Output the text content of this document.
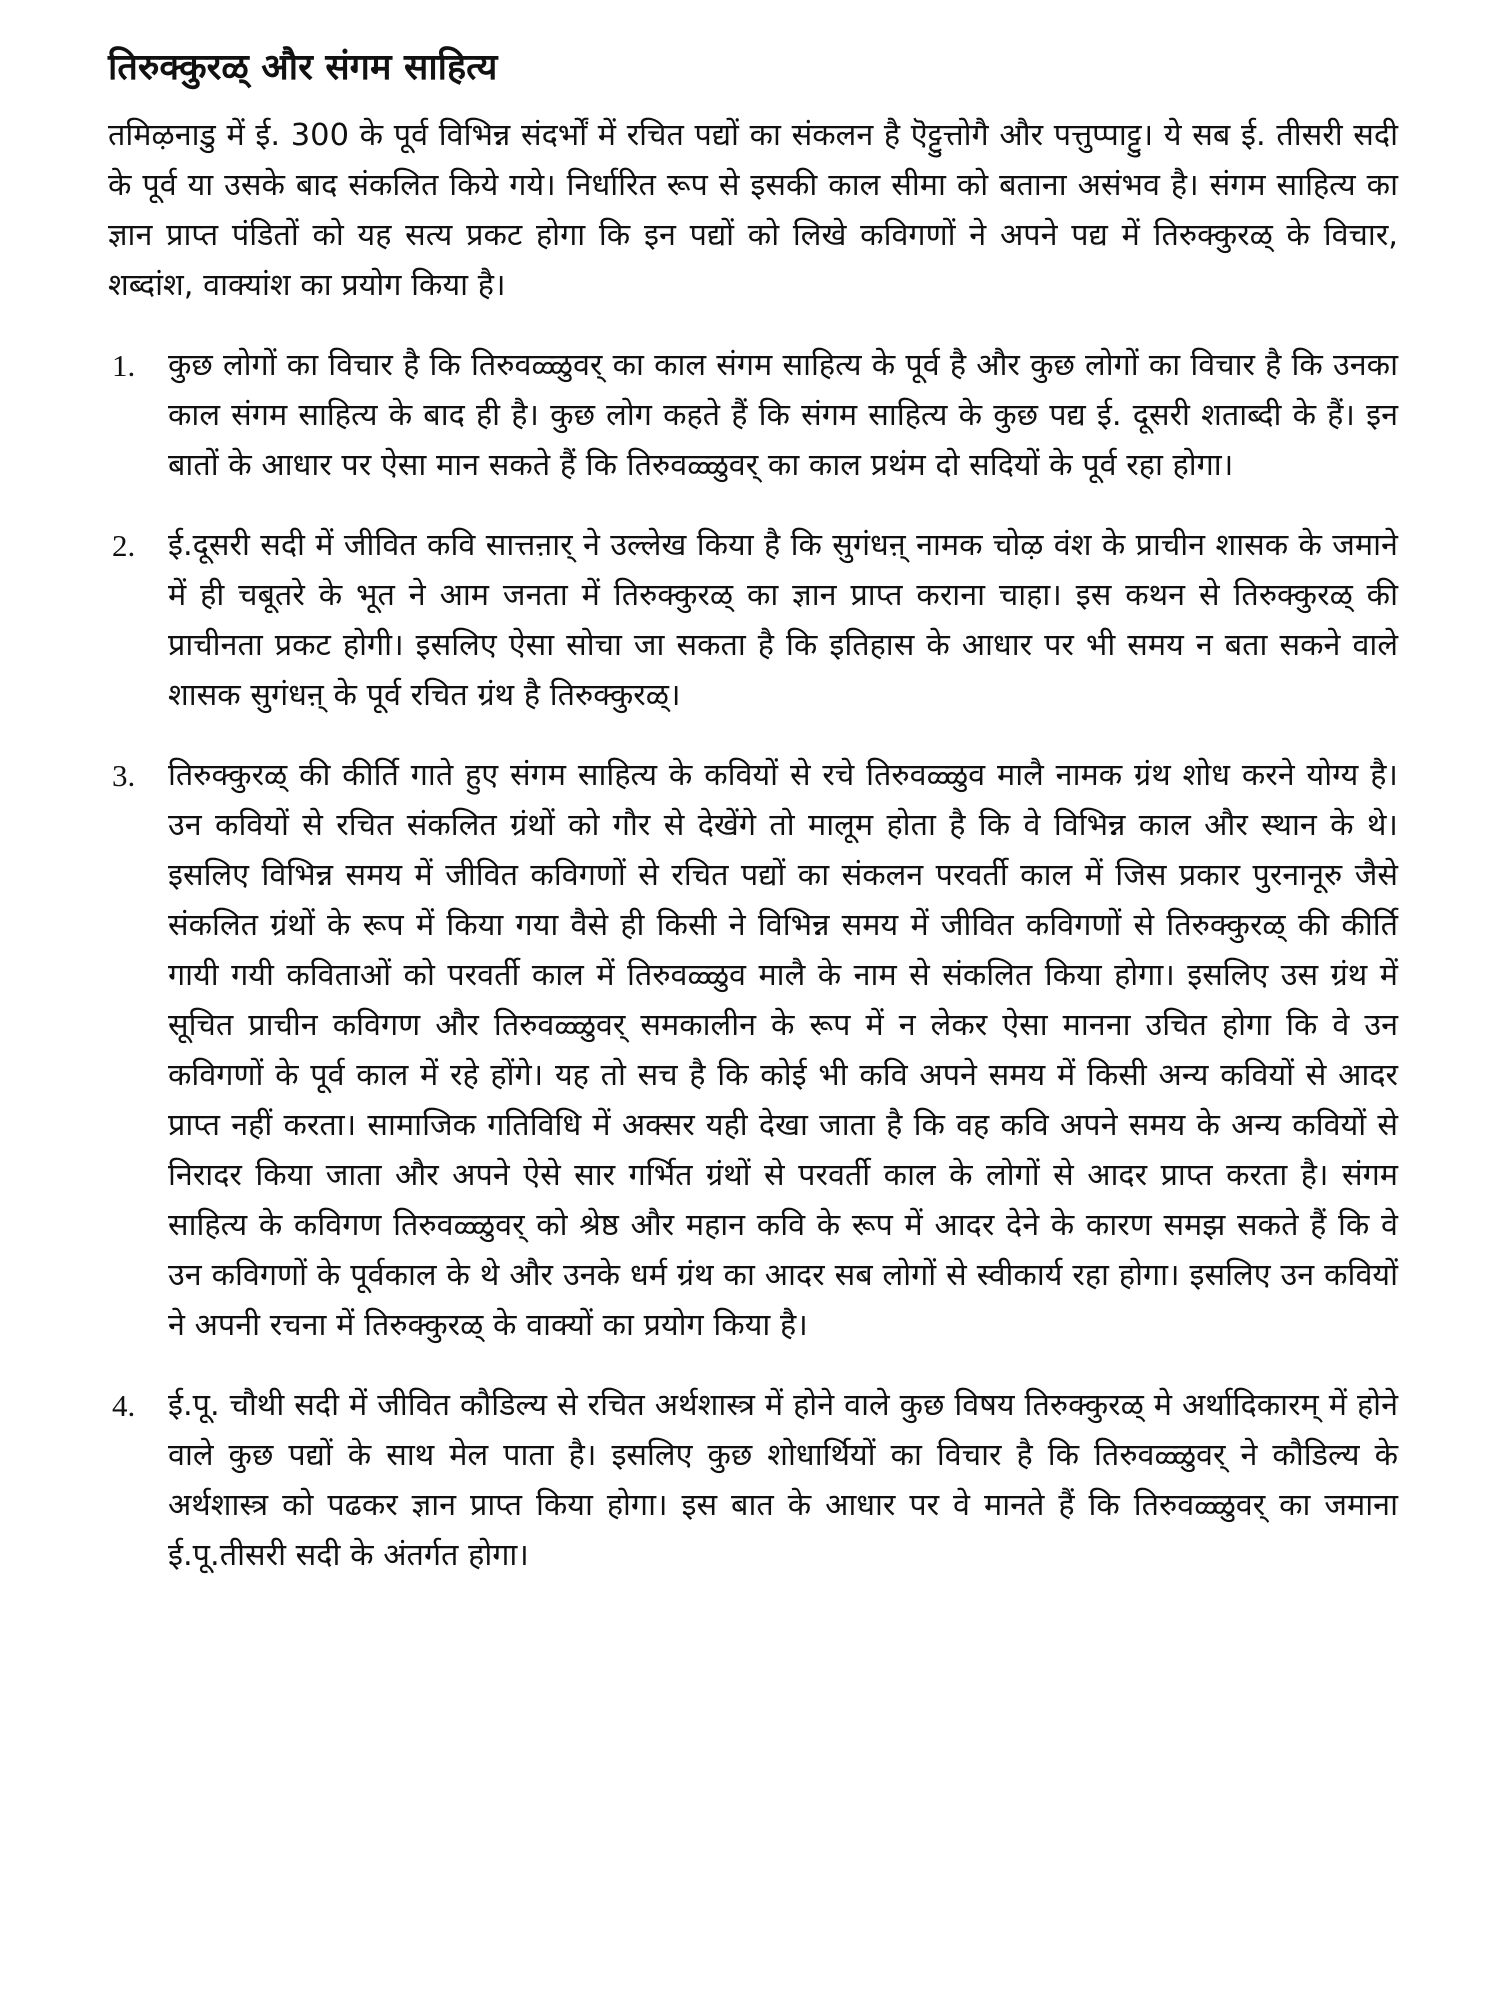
तिरुक्कुरळ् और संगम साहित्य

तमिऴनाडु में ई. 300 के पूर्व विभिन्न संदर्भों में रचित पद्यों का संकलन है ऎट्टुत्तोगै और पत्तुप्पाट्टु। ये सब ई. तीसरी सदी के पूर्व या उसके बाद संकलित किये गये। निर्धारित रूप से इसकी काल सीमा को बताना असंभव है। संगम साहित्य का ज्ञान प्राप्त पंडितों को यह सत्य प्रकट होगा कि इन पद्यों को लिखे कविगणों ने अपने पद्य में तिरुक्कुरळ् के विचार, शब्दांश, वाक्यांश का प्रयोग किया है।

1. कुछ लोगों का विचार है कि तिरुवळ्ळुवर् का काल संगम साहित्य के पूर्व है और कुछ लोगों का विचार है कि उनका काल संगम साहित्य के बाद ही है। कुछ लोग कहते हैं कि संगम साहित्य के कुछ पद्य ई. दूसरी शताब्दी के हैं। इन बातों के आधार पर ऐसा मान सकते हैं कि तिरुवळ्ळुवर् का काल प्रथंम दो सदियों के पूर्व रहा होगा।

2. ई.दूसरी सदी में जीवित कवि सात्तऩार् ने उल्लेख किया है कि सुगंधऩ् नामक चोऴ वंश के प्राचीन शासक के जमाने में ही चबूतरे के भूत ने आम जनता में तिरुक्कुरळ् का ज्ञान प्राप्त कराना चाहा। इस कथन से तिरुक्कुरळ् की प्राचीनता प्रकट होगी। इसलिए ऐसा सोचा जा सकता है कि इतिहास के आधार पर भी समय न बता सकने वाले शासक सुगंधऩ् के पूर्व रचित ग्रंथ है तिरुक्कुरळ्।

3. तिरुक्कुरळ् की कीर्ति गाते हुए संगम साहित्य के कवियों से रचे तिरुवळ्ळुव मालै नामक ग्रंथ शोध करने योग्य है। उन कवियों से रचित संकलित ग्रंथों को गौर से देखेंगे तो मालूम होता है कि वे विभिन्न काल और स्थान के थे। इसलिए विभिन्न समय में जीवित कविगणों से रचित पद्यों का संकलन परवर्ती काल में जिस प्रकार पुरनानूरु जैसे संकलित ग्रंथों के रूप में किया गया वैसे ही किसी ने विभिन्न समय में जीवित कविगणों से तिरुक्कुरळ् की कीर्ति गायी गयी कविताओं को परवर्ती काल में तिरुवळ्ळुव मालै के नाम से संकलित किया होगा। इसलिए उस ग्रंथ में सूचित प्राचीन कविगण और तिरुवळ्ळुवर् समकालीन के रूप में न लेकर ऐसा मानना उचित होगा कि वे उन कविगणों के पूर्व काल में रहे होंगे। यह तो सच है कि कोई भी कवि अपने समय में किसी अन्य कवियों से आदर प्राप्त नहीं करता। सामाजिक गतिविधि में अक्सर यही देखा जाता है कि वह कवि अपने समय के अन्य कवियों से निरादर किया जाता और अपने ऐसे सार गर्भित ग्रंथों से परवर्ती काल के लोगों से आदर प्राप्त करता है। संगम साहित्य के कविगण तिरुवळ्ळुवर् को श्रेष्ठ और महान कवि के रूप में आदर देने के कारण समझ सकते हैं कि वे उन कविगणों के पूर्वकाल के थे और उनके धर्म ग्रंथ का आदर सब लोगों से स्वीकार्य रहा होगा। इसलिए उन कवियों ने अपनी रचना में तिरुक्कुरळ् के वाक्यों का प्रयोग किया है।

4. ई.पू. चौथी सदी में जीवित कौडिल्य से रचित अर्थशास्त्र में होने वाले कुछ विषय तिरुक्कुरळ् मे अर्थादिकारम् में होने वाले कुछ पद्यों के साथ मेल पाता है। इसलिए कुछ शोधार्थियों का विचार है कि तिरुवळ्ळुवर् ने कौडिल्य के अर्थशास्त्र को पढकर ज्ञान प्राप्त किया होगा। इस बात के आधार पर वे मानते हैं कि तिरुवळ्ळुवर् का जमाना ई.पू.तीसरी सदी के अंतर्गत होगा।
